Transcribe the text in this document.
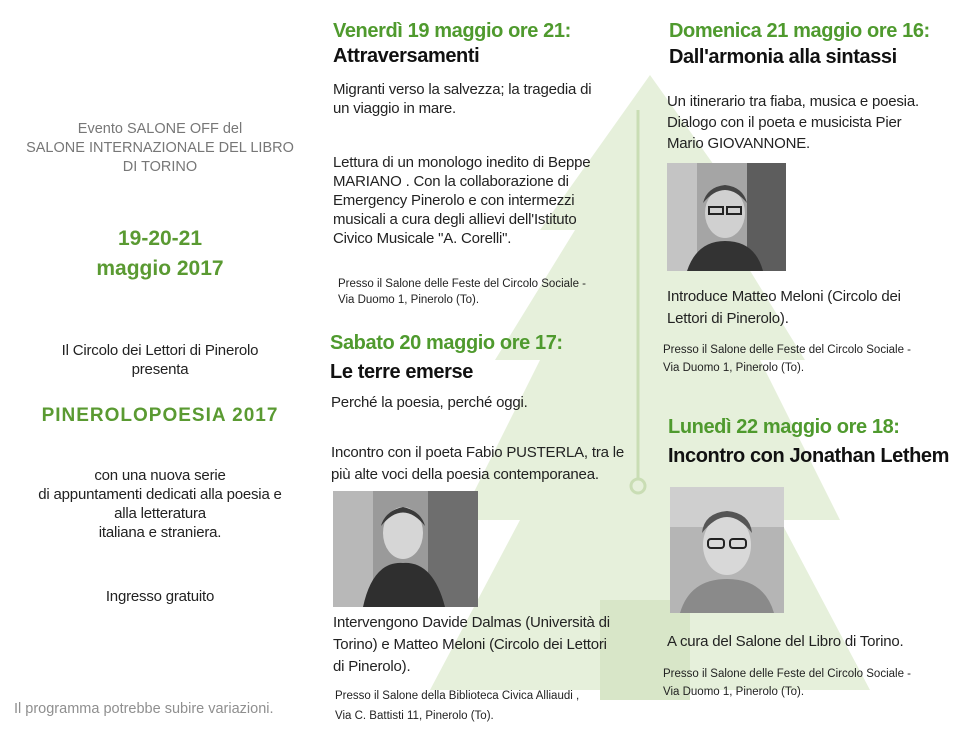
Evento SALONE OFF del

SALONE INTERNAZIONALE DEL LIBRO

DI TORINO

19-20-21

maggio 2017

Il Circolo dei Lettori di Pinerolo

presenta

PINEROLOPOESIA 2017

con una nuova serie

di appuntamenti dedicati alla poesia e

alla letteratura

italiana e straniera.

Ingresso gratuito

Il programma potrebbe subire variazioni.

Venerdì 19 maggio ore 21:

Attraversamenti

Migranti verso la salvezza; la tragedia di

un viaggio in mare.

Lettura di un monologo inedito di Beppe

MARIANO . Con la collaborazione di

Emergency Pinerolo e con intermezzi

musicali a cura degli allievi dell'Istituto

Civico Musicale "A. Corelli".

Presso il Salone delle Feste del Circolo Sociale -

Via Duomo 1, Pinerolo (To).

Sabato 20 maggio ore 17:

Le terre emerse

Perché la poesia, perché oggi.

Incontro con il poeta Fabio PUSTERLA, tra le

più alte voci della poesia contemporanea.

Intervengono Davide Dalmas (Università di

Torino) e Matteo Meloni (Circolo dei Lettori

di Pinerolo).

Presso il Salone della Biblioteca Civica Alliaudi ,

Via C. Battisti 11, Pinerolo (To).

Domenica 21 maggio ore 16:

Dall'armonia alla sintassi

Un itinerario tra fiaba, musica e poesia.

Dialogo con il poeta e musicista Pier

Mario GIOVANNONE.

Introduce Matteo Meloni (Circolo dei

Lettori di Pinerolo).

Presso il Salone delle Feste del Circolo Sociale -

Via Duomo 1, Pinerolo (To).

Lunedì 22 maggio ore 18:

Incontro con Jonathan Lethem

A cura del Salone del Libro di Torino.

Presso il Salone delle Feste del Circolo Sociale -

Via Duomo 1, Pinerolo (To).
